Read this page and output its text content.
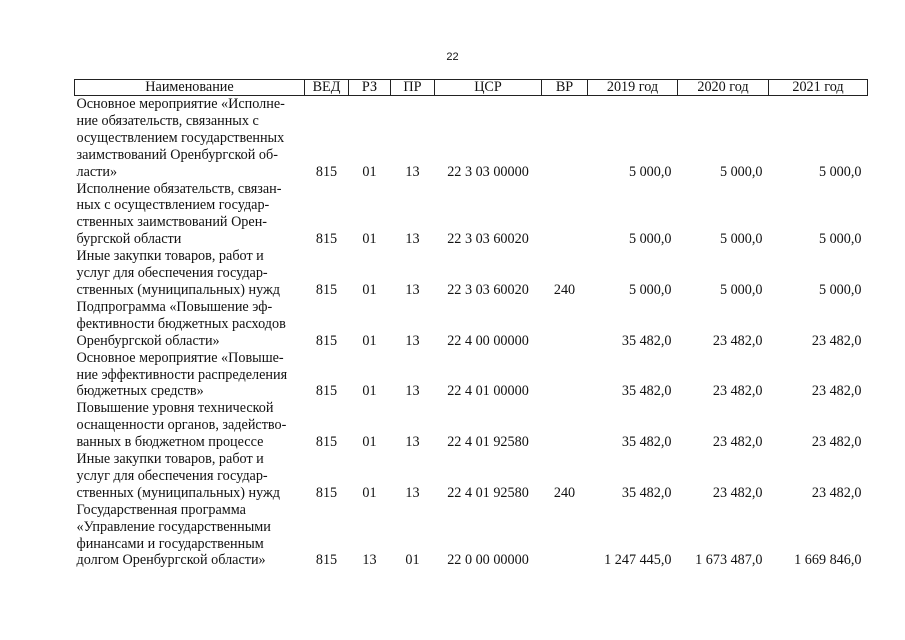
22
Наименование	ВЕД	РЗ	ПР	ЦСР	ВР	2019 год	2020 год	2021 год
Основное мероприятие «Исполне-
ние обязательств, связанных с
осуществлением государственных
заимствований Оренбургской об-
ласти»	815	01	13	22 3 03 00000		5 000,0	5 000,0	5 000,0
Исполнение обязательств, связан-
ных с осуществлением государ-
ственных заимствований Орен-
бургской области	815	01	13	22 3 03 60020		5 000,0	5 000,0	5 000,0
Иные закупки товаров, работ и
услуг для обеспечения государ-
ственных (муниципальных) нужд	815	01	13	22 3 03 60020	240	5 000,0	5 000,0	5 000,0
Подпрограмма «Повышение эф-
фективности бюджетных расходов
Оренбургской области»	815	01	13	22 4 00 00000		35 482,0	23 482,0	23 482,0
Основное мероприятие «Повыше-
ние эффективности распределения
бюджетных средств»	815	01	13	22 4 01 00000		35 482,0	23 482,0	23 482,0
Повышение уровня технической
оснащенности органов, задейство-
ванных в бюджетном процессе	815	01	13	22 4 01 92580		35 482,0	23 482,0	23 482,0
Иные закупки товаров, работ и
услуг для обеспечения государ-
ственных (муниципальных) нужд	815	01	13	22 4 01 92580	240	35 482,0	23 482,0	23 482,0
Государственная программа
«Управление государственными
финансами и государственным
долгом Оренбургской области»	815	13	01	22 0 00 00000		1 247 445,0	1 673 487,0	1 669 846,0
